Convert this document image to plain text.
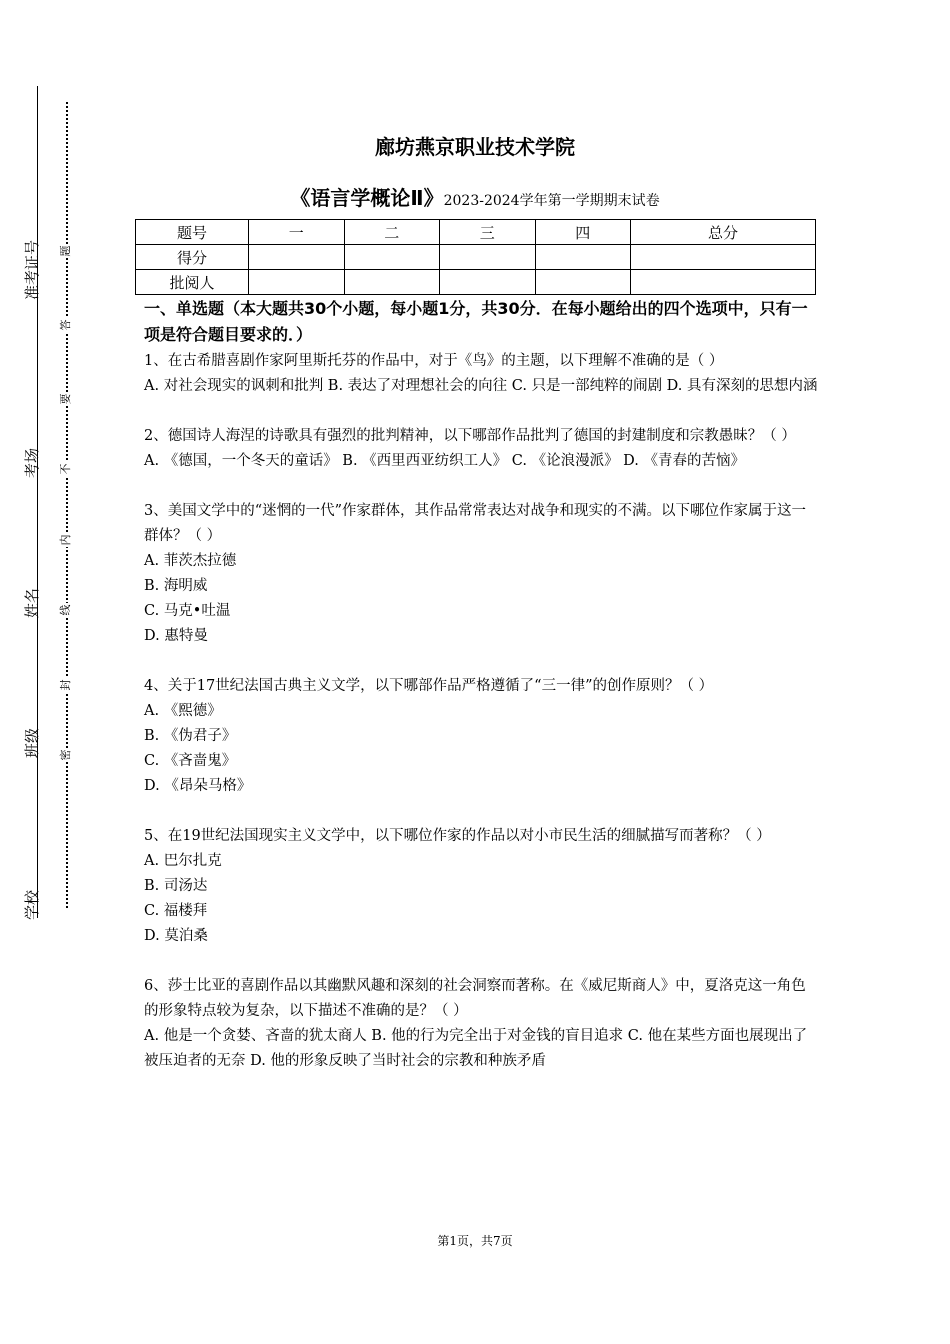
准考证号
考场
姓名
班级
学校
题
答
要
不
内
线
封
密
廊坊燕京职业技术学院
《语言学概论Ⅱ》2023-2024学年第一学期期末试卷
题号	一	二	三	四	总分
得分					
批阅人					
一、单选题（本大题共30个小题，每小题1分，共30分．在每小题给出的四个选项中，只有一项是符合题目要求的．）

1、在古希腊喜剧作家阿里斯托芬的作品中，对于《鸟》的主题，以下理解不准确的是（ ）

A. 对社会现实的讽刺和批判 B. 表达了对理想社会的向往 C. 只是一部纯粹的闹剧 D. 具有深刻的思想内涵

2、德国诗人海涅的诗歌具有强烈的批判精神，以下哪部作品批判了德国的封建制度和宗教愚昧？（ ）

A. 《德国，一个冬天的童话》 B. 《西里西亚纺织工人》 C. 《论浪漫派》 D. 《青春的苦恼》

3、美国文学中的“迷惘的一代”作家群体，其作品常常表达对战争和现实的不满。以下哪位作家属于这一群体？（ ）

A. 菲茨杰拉德

B. 海明威

C. 马克•吐温

D. 惠特曼

4、关于17世纪法国古典主义文学，以下哪部作品严格遵循了“三一律”的创作原则？（ ）

A. 《熙德》

B. 《伪君子》

C. 《吝啬鬼》

D. 《昂朵马格》

5、在19世纪法国现实主义文学中，以下哪位作家的作品以对小市民生活的细腻描写而著称？（ ）

A. 巴尔扎克

B. 司汤达

C. 福楼拜

D. 莫泊桑

6、莎士比亚的喜剧作品以其幽默风趣和深刻的社会洞察而著称。在《威尼斯商人》中，夏洛克这一角色的形象特点较为复杂，以下描述不准确的是？（ ）

A. 他是一个贪婪、吝啬的犹太商人 B. 他的行为完全出于对金钱的盲目追求 C. 他在某些方面也展现出了被压迫者的无奈 D. 他的形象反映了当时社会的宗教和种族矛盾

第1页，共7页
